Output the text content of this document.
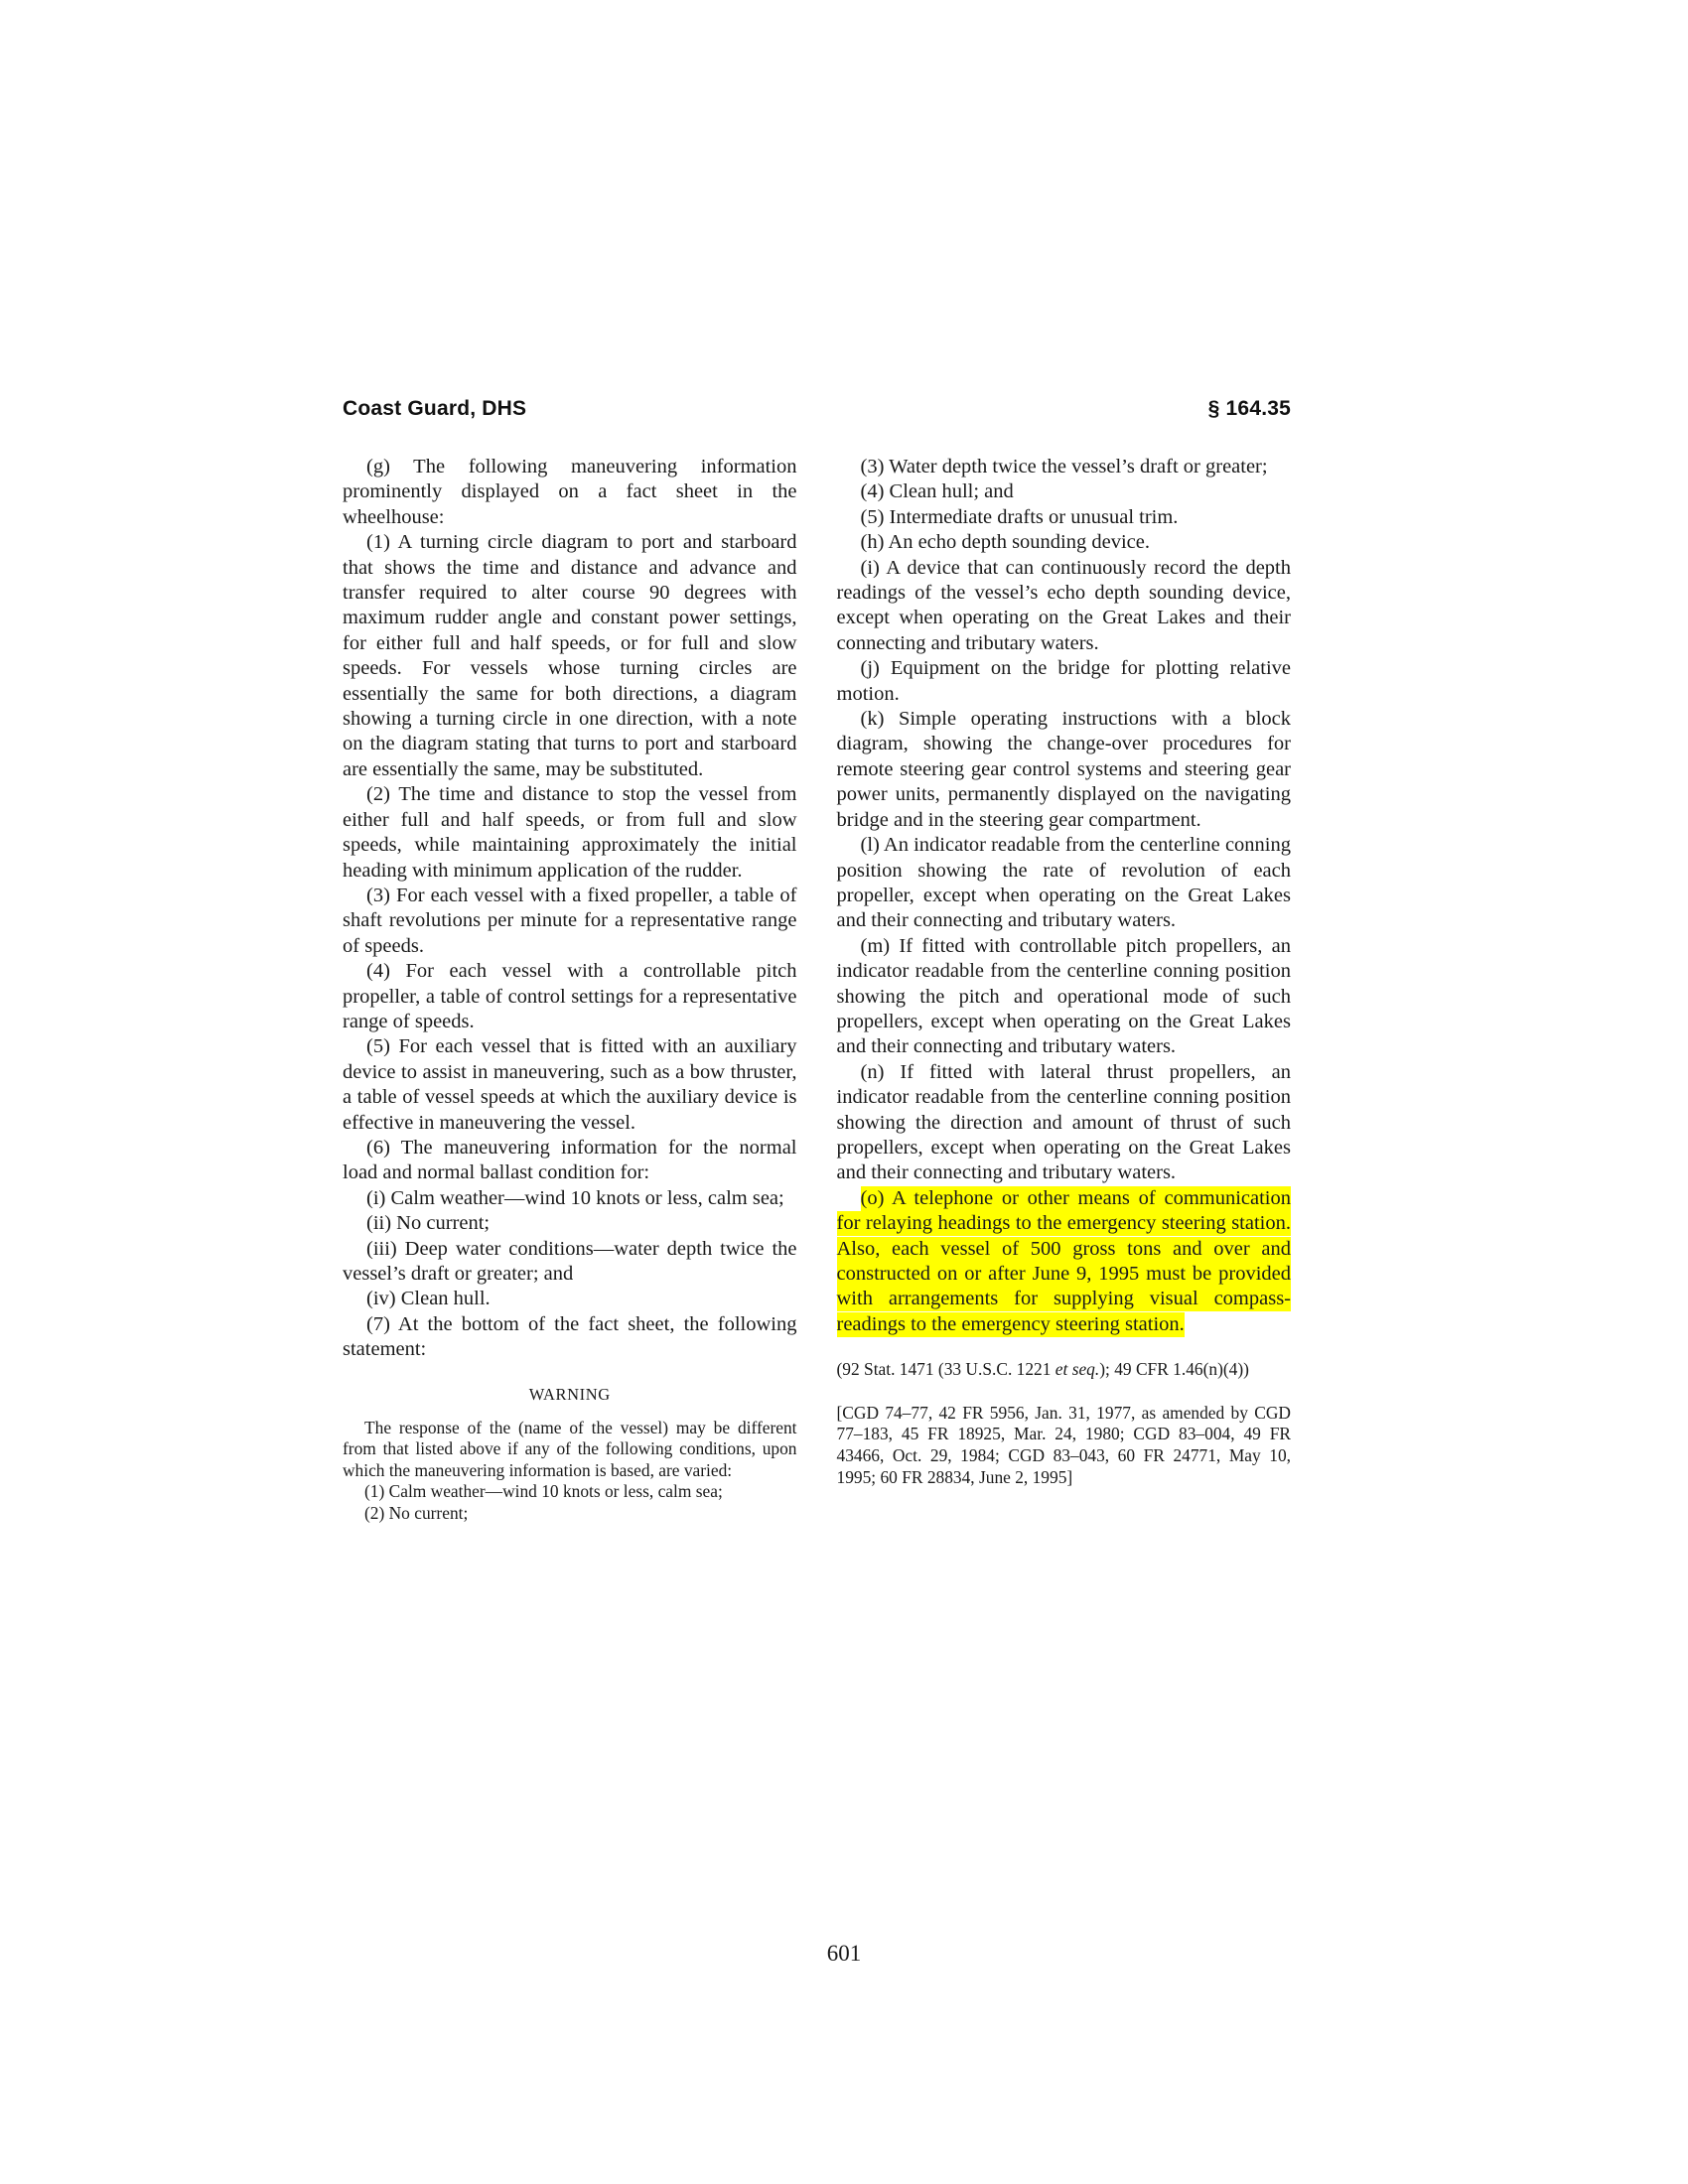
Coast Guard, DHS	§ 164.35

(g) The following maneuvering information prominently displayed on a fact sheet in the wheelhouse:

(1) A turning circle diagram to port and starboard that shows the time and distance and advance and transfer required to alter course 90 degrees with maximum rudder angle and constant power settings, for either full and half speeds, or for full and slow speeds. For vessels whose turning circles are essentially the same for both directions, a diagram showing a turning circle in one direction, with a note on the diagram stating that turns to port and starboard are essentially the same, may be substituted.

(2) The time and distance to stop the vessel from either full and half speeds, or from full and slow speeds, while maintaining approximately the initial heading with minimum application of the rudder.

(3) For each vessel with a fixed propeller, a table of shaft revolutions per minute for a representative range of speeds.

(4) For each vessel with a controllable pitch propeller, a table of control settings for a representative range of speeds.

(5) For each vessel that is fitted with an auxiliary device to assist in maneuvering, such as a bow thruster, a table of vessel speeds at which the auxiliary device is effective in maneuvering the vessel.

(6) The maneuvering information for the normal load and normal ballast condition for:

(i) Calm weather—wind 10 knots or less, calm sea;

(ii) No current;

(iii) Deep water conditions—water depth twice the vessel’s draft or greater; and

(iv) Clean hull.

(7) At the bottom of the fact sheet, the following statement:

WARNING

The response of the (name of the vessel) may be different from that listed above if any of the following conditions, upon which the maneuvering information is based, are varied:

(1) Calm weather—wind 10 knots or less, calm sea;

(2) No current;

(3) Water depth twice the vessel’s draft or greater;

(4) Clean hull; and

(5) Intermediate drafts or unusual trim.

(h) An echo depth sounding device.

(i) A device that can continuously record the depth readings of the vessel’s echo depth sounding device, except when operating on the Great Lakes and their connecting and tributary waters.

(j) Equipment on the bridge for plotting relative motion.

(k) Simple operating instructions with a block diagram, showing the change-over procedures for remote steering gear control systems and steering gear power units, permanently displayed on the navigating bridge and in the steering gear compartment.

(l) An indicator readable from the centerline conning position showing the rate of revolution of each propeller, except when operating on the Great Lakes and their connecting and tributary waters.

(m) If fitted with controllable pitch propellers, an indicator readable from the centerline conning position showing the pitch and operational mode of such propellers, except when operating on the Great Lakes and their connecting and tributary waters.

(n) If fitted with lateral thrust propellers, an indicator readable from the centerline conning position showing the direction and amount of thrust of such propellers, except when operating on the Great Lakes and their connecting and tributary waters.

(o) A telephone or other means of communication for relaying headings to the emergency steering station. Also, each vessel of 500 gross tons and over and constructed on or after June 9, 1995 must be provided with arrangements for supplying visual compass-readings to the emergency steering station.

(92 Stat. 1471 (33 U.S.C. 1221 et seq.); 49 CFR 1.46(n)(4))

[CGD 74–77, 42 FR 5956, Jan. 31, 1977, as amended by CGD 77–183, 45 FR 18925, Mar. 24, 1980; CGD 83–004, 49 FR 43466, Oct. 29, 1984; CGD 83–043, 60 FR 24771, May 10, 1995; 60 FR 28834, June 2, 1995]

601
